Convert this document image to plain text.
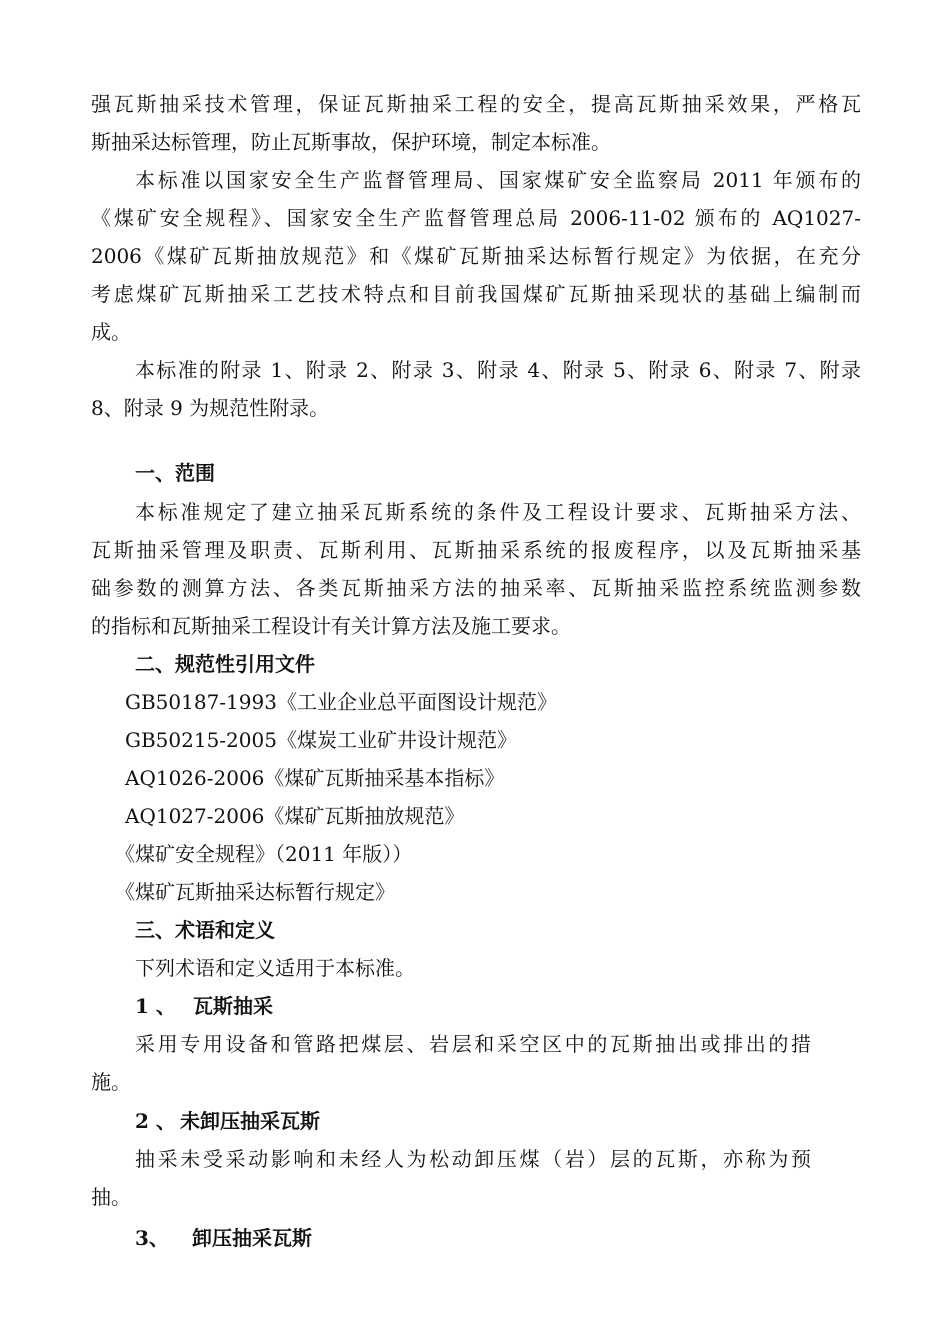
强瓦斯抽采技术管理，保证瓦斯抽采工程的安全，提高瓦斯抽采效果，严格瓦
斯抽采达标管理，防止瓦斯事故，保护环境，制定本标准。
本标准以国家安全生产监督管理局、国家煤矿安全监察局 2011 年颁布的
《煤矿安全规程》、国家安全生产监督管理总局 2006-11-02 颁布的 AQ1027-
2006《煤矿瓦斯抽放规范》和《煤矿瓦斯抽采达标暂行规定》为依据，在充分
考虑煤矿瓦斯抽采工艺技术特点和目前我国煤矿瓦斯抽采现状的基础上编制而
成。
本标准的附录 1、附录 2、附录 3、附录 4、附录 5、附录 6、附录 7、附录
8、附录 9 为规范性附录。
一、范围
本标准规定了建立抽采瓦斯系统的条件及工程设计要求、瓦斯抽采方法、
瓦斯抽采管理及职责、瓦斯利用、瓦斯抽采系统的报废程序，以及瓦斯抽采基
础参数的测算方法、各类瓦斯抽采方法的抽采率、瓦斯抽采监控系统监测参数
的指标和瓦斯抽采工程设计有关计算方法及施工要求。
二、规范性引用文件
GB50187-1993《工业企业总平面图设计规范》
GB50215-2005《煤炭工业矿井设计规范》
AQ1026-2006《煤矿瓦斯抽采基本指标》
AQ1027-2006《煤矿瓦斯抽放规范》
《煤矿安全规程》（2011 年版））
《煤矿瓦斯抽采达标暂行规定》
三、术语和定义
下列术语和定义适用于本标准。
1 、 瓦斯抽采
采用专用设备和管路把煤层、岩层和采空区中的瓦斯抽出或排出的措
施。
2 、 未卸压抽采瓦斯
抽采未受采动影响和未经人为松动卸压煤（岩）层的瓦斯，亦称为预
抽。
3、 卸压抽采瓦斯
